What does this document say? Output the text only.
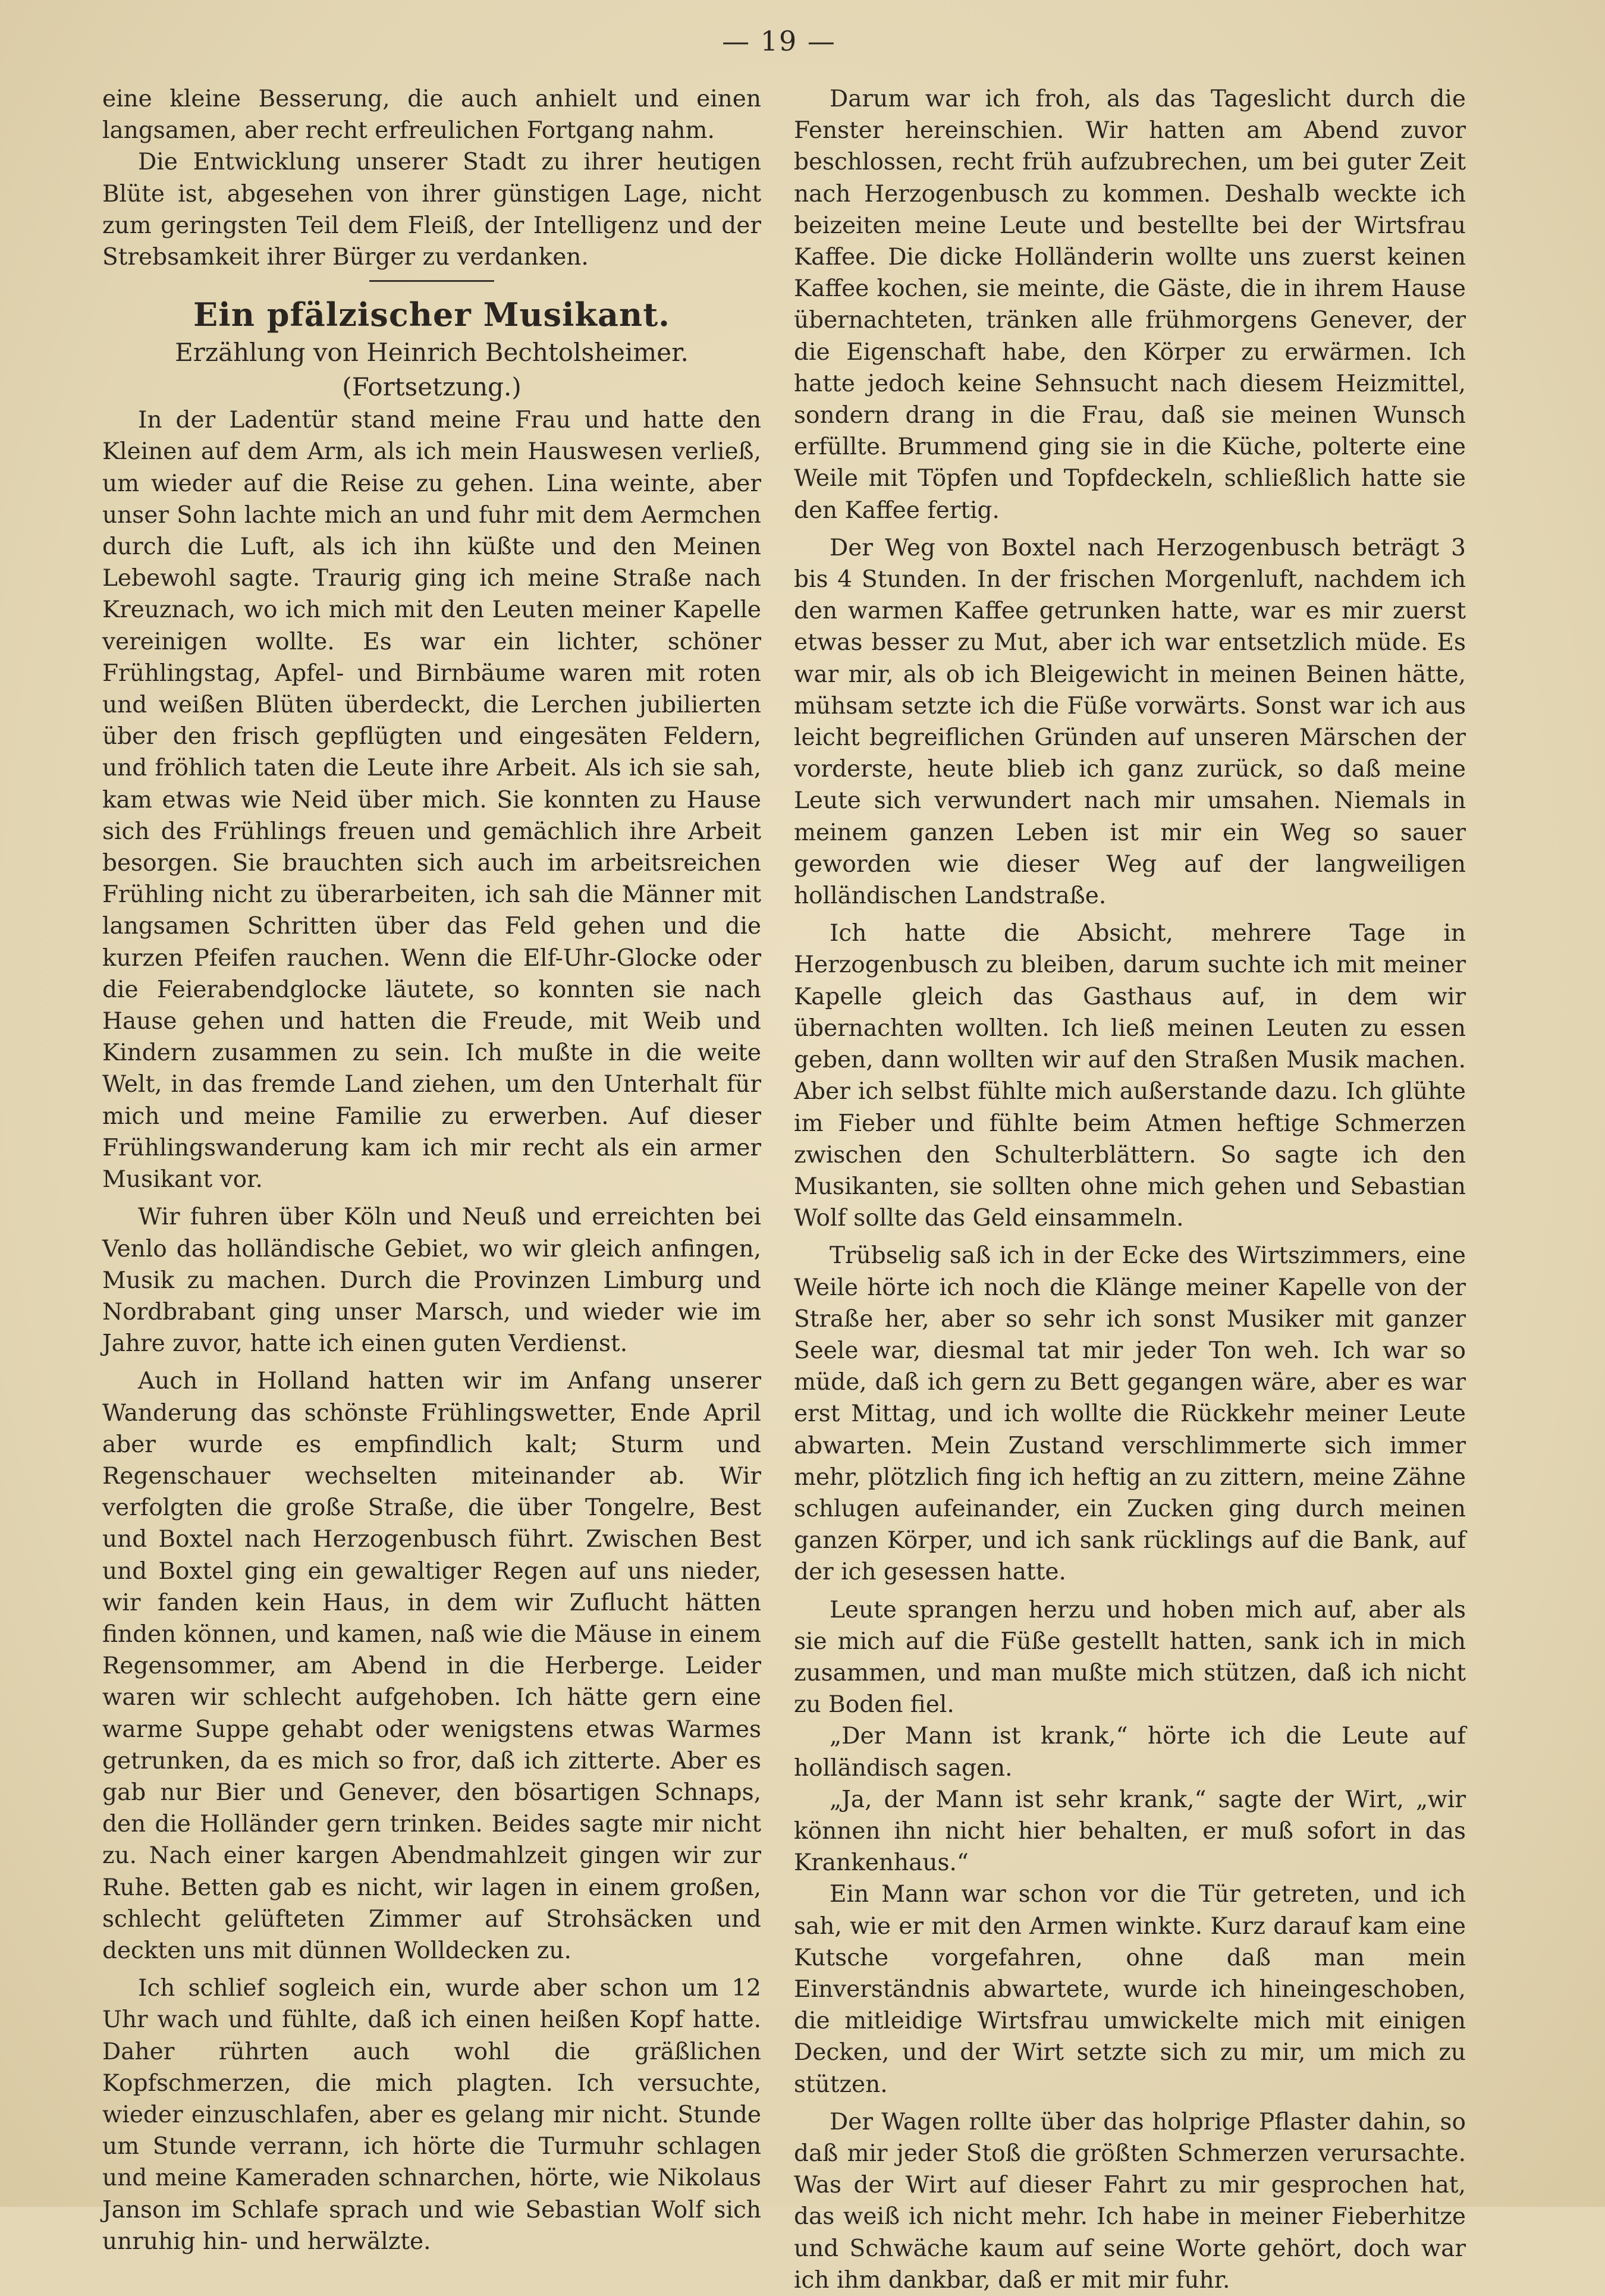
— 19 —

eine kleine Besserung, die auch anhielt und einen langsamen, aber recht erfreulichen Fortgang nahm.

Die Entwicklung unserer Stadt zu ihrer heutigen Blüte ist, abgesehen von ihrer günstigen Lage, nicht zum geringsten Teil dem Fleiß, der Intelligenz und der Strebsamkeit ihrer Bürger zu verdanken.

Ein pfälzischer Musikant.
Erzählung von Heinrich Bechtolsheimer.
(Fortsetzung.)

In der Ladentür stand meine Frau und hatte den Kleinen auf dem Arm, als ich mein Hauswesen verließ, um wieder auf die Reise zu gehen. Lina weinte, aber unser Sohn lachte mich an und fuhr mit dem Aermchen durch die Luft, als ich ihn küßte und den Meinen Lebewohl sagte. Traurig ging ich meine Straße nach Kreuznach, wo ich mich mit den Leuten meiner Kapelle vereinigen wollte. Es war ein lichter, schöner Frühlingstag, Apfel- und Birnbäume waren mit roten und weißen Blüten überdeckt, die Lerchen jubilierten über den frisch gepflügten und eingesäten Feldern, und fröhlich taten die Leute ihre Arbeit. Als ich sie sah, kam etwas wie Neid über mich. Sie konnten zu Hause sich des Frühlings freuen und gemächlich ihre Arbeit besorgen. Sie brauchten sich auch im arbeitsreichen Frühling nicht zu überarbeiten, ich sah die Männer mit langsamen Schritten über das Feld gehen und die kurzen Pfeifen rauchen. Wenn die Elf-Uhr-Glocke oder die Feierabendglocke läutete, so konnten sie nach Hause gehen und hatten die Freude, mit Weib und Kindern zusammen zu sein. Ich mußte in die weite Welt, in das fremde Land ziehen, um den Unterhalt für mich und meine Familie zu erwerben. Auf dieser Frühlingswanderung kam ich mir recht als ein armer Musikant vor.

Wir fuhren über Köln und Neuß und erreichten bei Venlo das holländische Gebiet, wo wir gleich anfingen, Musik zu machen. Durch die Provinzen Limburg und Nordbrabant ging unser Marsch, und wieder wie im Jahre zuvor, hatte ich einen guten Verdienst.

Auch in Holland hatten wir im Anfang unserer Wanderung das schönste Frühlingswetter, Ende April aber wurde es empfindlich kalt; Sturm und Regenschauer wechselten miteinander ab. Wir verfolgten die große Straße, die über Tongelre, Best und Boxtel nach Herzogenbusch führt. Zwischen Best und Boxtel ging ein gewaltiger Regen auf uns nieder, wir fanden kein Haus, in dem wir Zuflucht hätten finden können, und kamen, naß wie die Mäuse in einem Regensommer, am Abend in die Herberge. Leider waren wir schlecht aufgehoben. Ich hätte gern eine warme Suppe gehabt oder wenigstens etwas Warmes getrunken, da es mich so fror, daß ich zitterte. Aber es gab nur Bier und Genever, den bösartigen Schnaps, den die Holländer gern trinken. Beides sagte mir nicht zu. Nach einer kargen Abendmahlzeit gingen wir zur Ruhe. Betten gab es nicht, wir lagen in einem großen, schlecht gelüfteten Zimmer auf Strohsäcken und deckten uns mit dünnen Wolldecken zu.

Ich schlief sogleich ein, wurde aber schon um 12 Uhr wach und fühlte, daß ich einen heißen Kopf hatte. Daher rührten auch wohl die gräßlichen Kopfschmerzen, die mich plagten. Ich versuchte, wieder einzuschlafen, aber es gelang mir nicht. Stunde um Stunde verrann, ich hörte die Turmuhr schlagen und meine Kameraden schnarchen, hörte, wie Nikolaus Janson im Schlafe sprach und wie Sebastian Wolf sich unruhig hin- und herwälzte.

Darum war ich froh, als das Tageslicht durch die Fenster hereinschien. Wir hatten am Abend zuvor beschlossen, recht früh aufzubrechen, um bei guter Zeit nach Herzogenbusch zu kommen. Deshalb weckte ich beizeiten meine Leute und bestellte bei der Wirtsfrau Kaffee. Die dicke Holländerin wollte uns zuerst keinen Kaffee kochen, sie meinte, die Gäste, die in ihrem Hause übernachteten, tränken alle frühmorgens Genever, der die Eigenschaft habe, den Körper zu erwärmen. Ich hatte jedoch keine Sehnsucht nach diesem Heizmittel, sondern drang in die Frau, daß sie meinen Wunsch erfüllte. Brummend ging sie in die Küche, polterte eine Weile mit Töpfen und Topfdeckeln, schließlich hatte sie den Kaffee fertig.

Der Weg von Boxtel nach Herzogenbusch beträgt 3 bis 4 Stunden. In der frischen Morgenluft, nachdem ich den warmen Kaffee getrunken hatte, war es mir zuerst etwas besser zu Mut, aber ich war entsetzlich müde. Es war mir, als ob ich Bleigewicht in meinen Beinen hätte, mühsam setzte ich die Füße vorwärts. Sonst war ich aus leicht begreiflichen Gründen auf unseren Märschen der vorderste, heute blieb ich ganz zurück, so daß meine Leute sich verwundert nach mir umsahen. Niemals in meinem ganzen Leben ist mir ein Weg so sauer geworden wie dieser Weg auf der langweiligen holländischen Landstraße.

Ich hatte die Absicht, mehrere Tage in Herzogenbusch zu bleiben, darum suchte ich mit meiner Kapelle gleich das Gasthaus auf, in dem wir übernachten wollten. Ich ließ meinen Leuten zu essen geben, dann wollten wir auf den Straßen Musik machen. Aber ich selbst fühlte mich außerstande dazu. Ich glühte im Fieber und fühlte beim Atmen heftige Schmerzen zwischen den Schulterblättern. So sagte ich den Musikanten, sie sollten ohne mich gehen und Sebastian Wolf sollte das Geld einsammeln.

Trübselig saß ich in der Ecke des Wirtszimmers, eine Weile hörte ich noch die Klänge meiner Kapelle von der Straße her, aber so sehr ich sonst Musiker mit ganzer Seele war, diesmal tat mir jeder Ton weh. Ich war so müde, daß ich gern zu Bett gegangen wäre, aber es war erst Mittag, und ich wollte die Rückkehr meiner Leute abwarten. Mein Zustand verschlimmerte sich immer mehr, plötzlich fing ich heftig an zu zittern, meine Zähne schlugen aufeinander, ein Zucken ging durch meinen ganzen Körper, und ich sank rücklings auf die Bank, auf der ich gesessen hatte.

Leute sprangen herzu und hoben mich auf, aber als sie mich auf die Füße gestellt hatten, sank ich in mich zusammen, und man mußte mich stützen, daß ich nicht zu Boden fiel.

„Der Mann ist krank,“ hörte ich die Leute auf holländisch sagen.

„Ja, der Mann ist sehr krank,“ sagte der Wirt, „wir können ihn nicht hier behalten, er muß sofort in das Krankenhaus.“

Ein Mann war schon vor die Tür getreten, und ich sah, wie er mit den Armen winkte. Kurz darauf kam eine Kutsche vorgefahren, ohne daß man mein Einverständnis abwartete, wurde ich hineingeschoben, die mitleidige Wirtsfrau umwickelte mich mit einigen Decken, und der Wirt setzte sich zu mir, um mich zu stützen.

Der Wagen rollte über das holprige Pflaster dahin, so daß mir jeder Stoß die größten Schmerzen verursachte. Was der Wirt auf dieser Fahrt zu mir gesprochen hat, das weiß ich nicht mehr. Ich habe in meiner Fieberhitze und Schwäche kaum auf seine Worte gehört, doch war ich ihm dankbar, daß er mit mir fuhr.
